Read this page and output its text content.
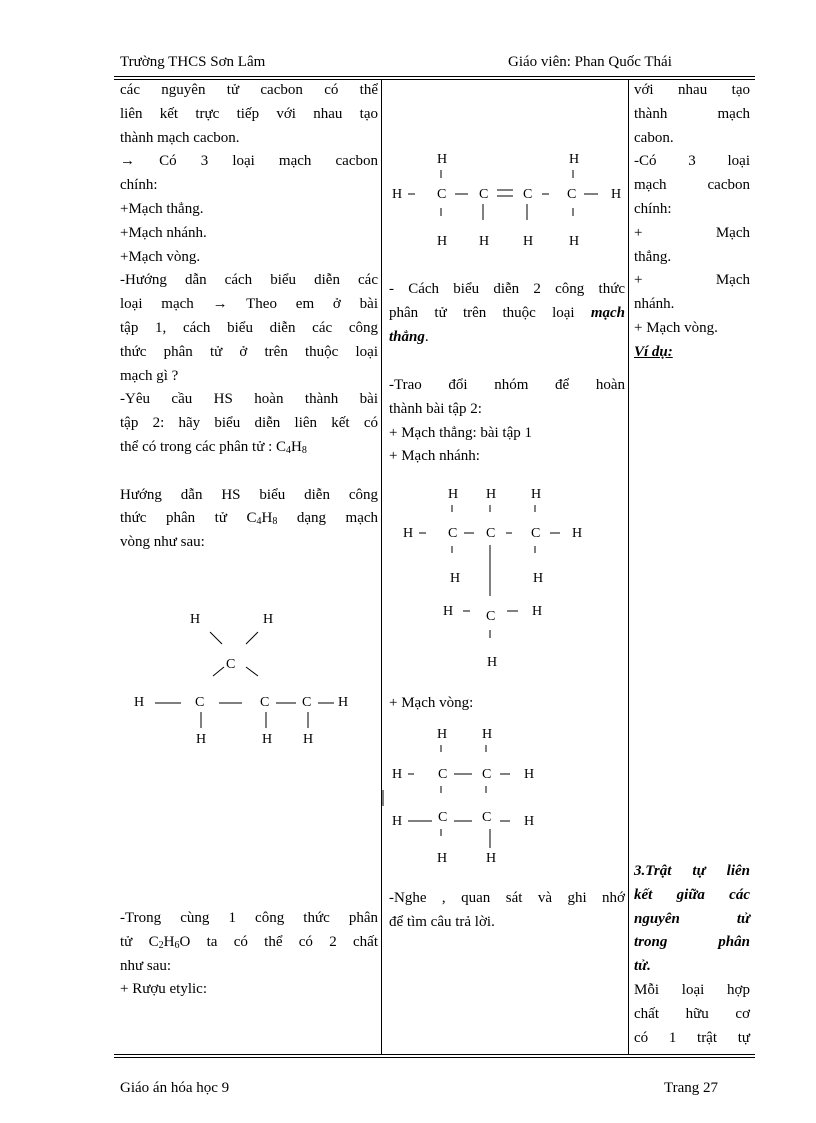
Trường THCS Sơn Lâm	Giáo viên: Phan Quốc Thái
các nguyên tử cacbon có thể
liên kết trực tiếp với nhau tạo
thành mạch cacbon.
→ Có 3 loại mạch cacbon
chính:
+Mạch thẳng.
+Mạch nhánh.
+Mạch vòng.
-Hướng dẫn cách biểu diễn các
loại mạch → Theo em ở bài
tập 1, cách biểu diễn các công
thức phân tử ở trên thuộc loại
mạch gì ?
-Yêu cầu HS hoàn thành bài
tập 2: hãy biểu diễn liên kết có
thể có trong các phân tử : $C_4H_8$
Hướng dẫn HS biểu diễn công
thức phân tử $C_4H_8$ dạng mạch
vòng như sau:
-Trong cùng 1 công thức phân
tử $C_2H_6O$ ta có thể có 2 chất
như sau:
+ Rượu etylic:
- Cách biểu diễn 2 công thức
phân tử trên thuộc loại mạch
thẳng.
-Trao đổi nhóm để hoàn
thành bài tập 2:
+ Mạch thẳng: bài tập 1
+ Mạch nhánh:
+ Mạch vòng:
-Nghe , quan sát và ghi nhớ
để tìm câu trả lời.
với nhau tạo
thành mạch
cabon.
-Có 3 loại
mạch cacbon
chính:
+ Mạch
thẳng.
+ Mạch
nhánh.
+ Mạch vòng.
Ví dụ:
3.Trật tự liên
kết giữa các
nguyên tử
trong phân
tử.
Mỗi loại hợp
chất hữu cơ
có 1 trật tự
H	H
H C C C C H
H H H	H
H H H
H C C	C H
H	H
H C	H
H
H H
H	C C H
H	C C H
H	H
H	H
C
H	C	C C H
H	H H
Giáo án hóa học 9	Trang 27
